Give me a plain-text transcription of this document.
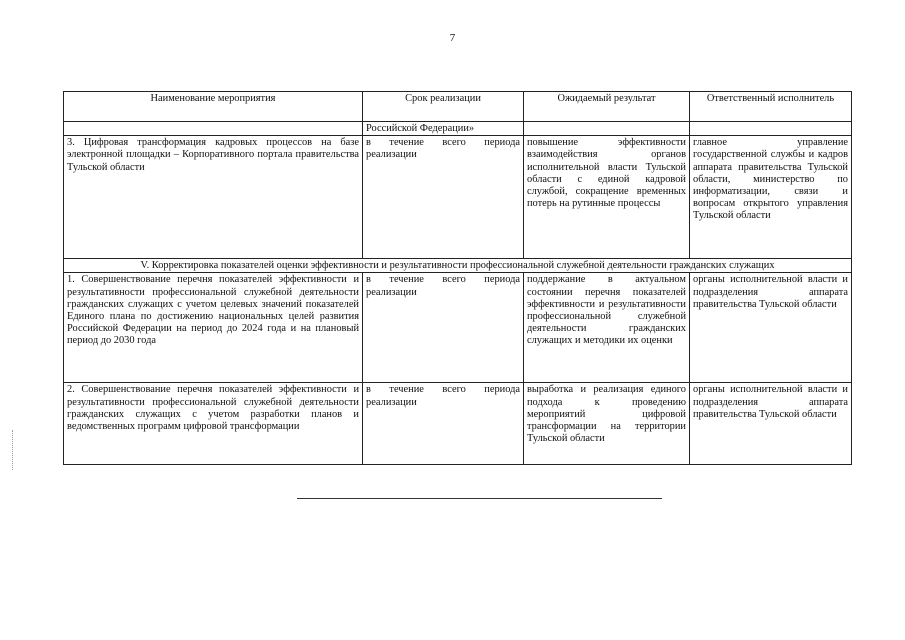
7
Наименование мероприятия	Срок реализации	Ожидаемый результат	Ответственный исполнитель
	Российской Федерации»		
3. Цифровая трансформация кадровых процессов на базе электронной площадки – Корпоративного портала правительства Тульской области	в течение всего периода реализации	повышение эффективности взаимодействия органов исполнительной власти Тульской области с единой кадровой службой, сокращение временных потерь на рутинные процессы	главное управление государственной службы и кадров аппарата правительства Тульской области, министерство по информатизации, связи и вопросам открытого управления Тульской области
V. Корректировка показателей оценки эффективности и результативности профессиональной служебной деятельности гражданских служащих			
1. Совершенствование перечня показателей эффективности и результативности профессиональной служебной деятельности гражданских служащих с учетом целевых значений показателей Единого плана по достижению национальных целей развития Российской Федерации на период до 2024 года и на плановый период до 2030 года	в течение всего периода реализации	поддержание в актуальном состоянии перечня показателей эффективности и результативности профессиональной служебной деятельности гражданских служащих и методики их оценки	органы исполнительной власти и подразделения аппарата правительства Тульской области
2. Совершенствование перечня показателей эффективности и результативности профессиональной служебной деятельности гражданских служащих с учетом разработки планов и ведомственных программ цифровой трансформации	в течение всего периода реализации	выработка и реализация единого подхода к проведению мероприятий цифровой трансформации на территории Тульской области	органы исполнительной власти и подразделения аппарата правительства Тульской области
